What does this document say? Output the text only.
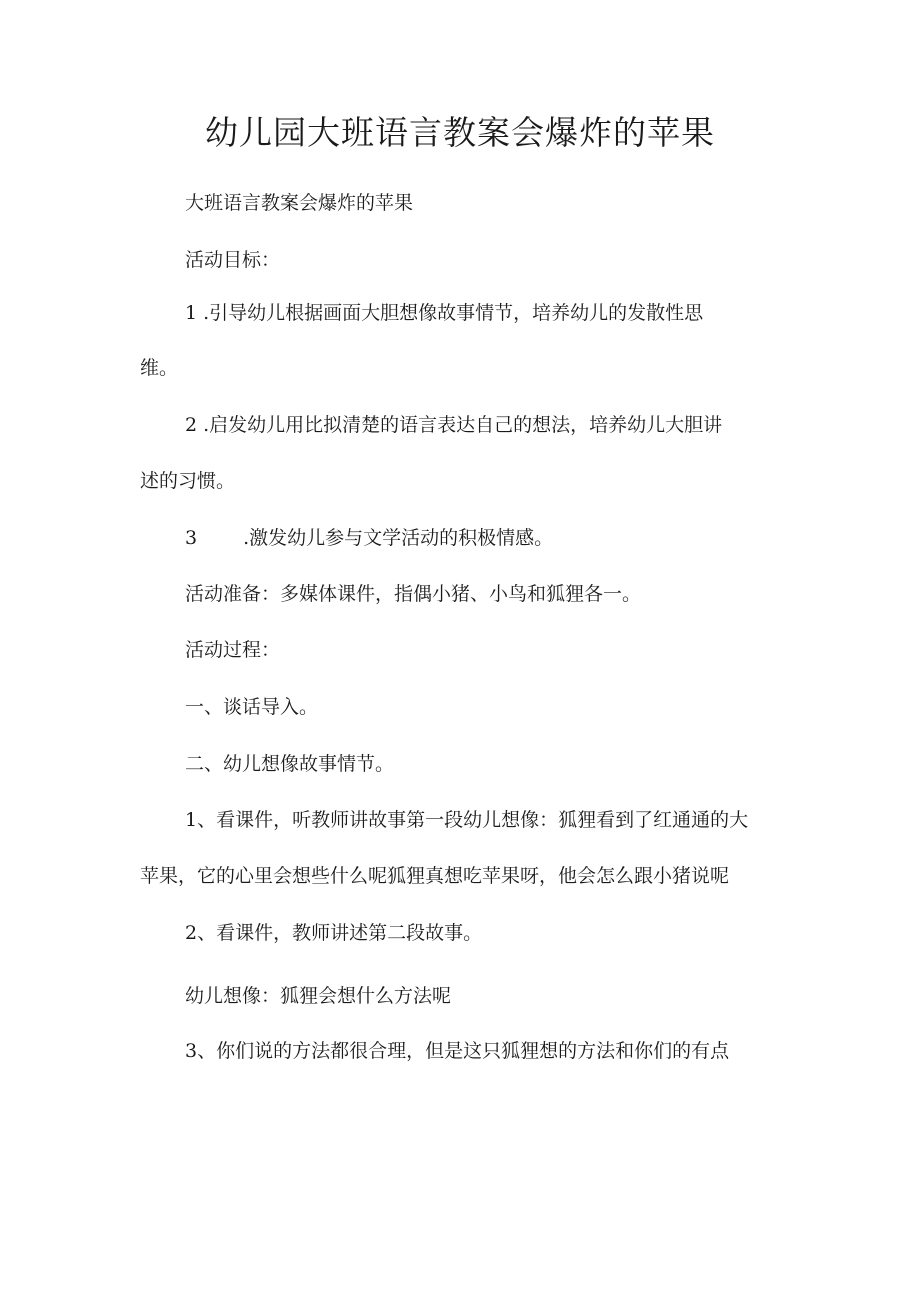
幼儿园大班语言教案会爆炸的苹果
大班语言教案会爆炸的苹果
活动目标：
1 .引导幼儿根据画面大胆想像故事情节，培养幼儿的发散性思
维。
2 .启发幼儿用比拟清楚的语言表达自己的想法，培养幼儿大胆讲
述的习惯。
3 .激发幼儿参与文学活动的积极情感。
活动准备：多媒体课件，指偶小猪、小鸟和狐狸各一。
活动过程：
一、谈话导入。
二、幼儿想像故事情节。
1、看课件，听教师讲故事第一段幼儿想像：狐狸看到了红通通的大
苹果，它的心里会想些什么呢狐狸真想吃苹果呀，他会怎么跟小猪说呢
2、看课件，教师讲述第二段故事。
幼儿想像：狐狸会想什么方法呢
3、你们说的方法都很合理，但是这只狐狸想的方法和你们的有点
